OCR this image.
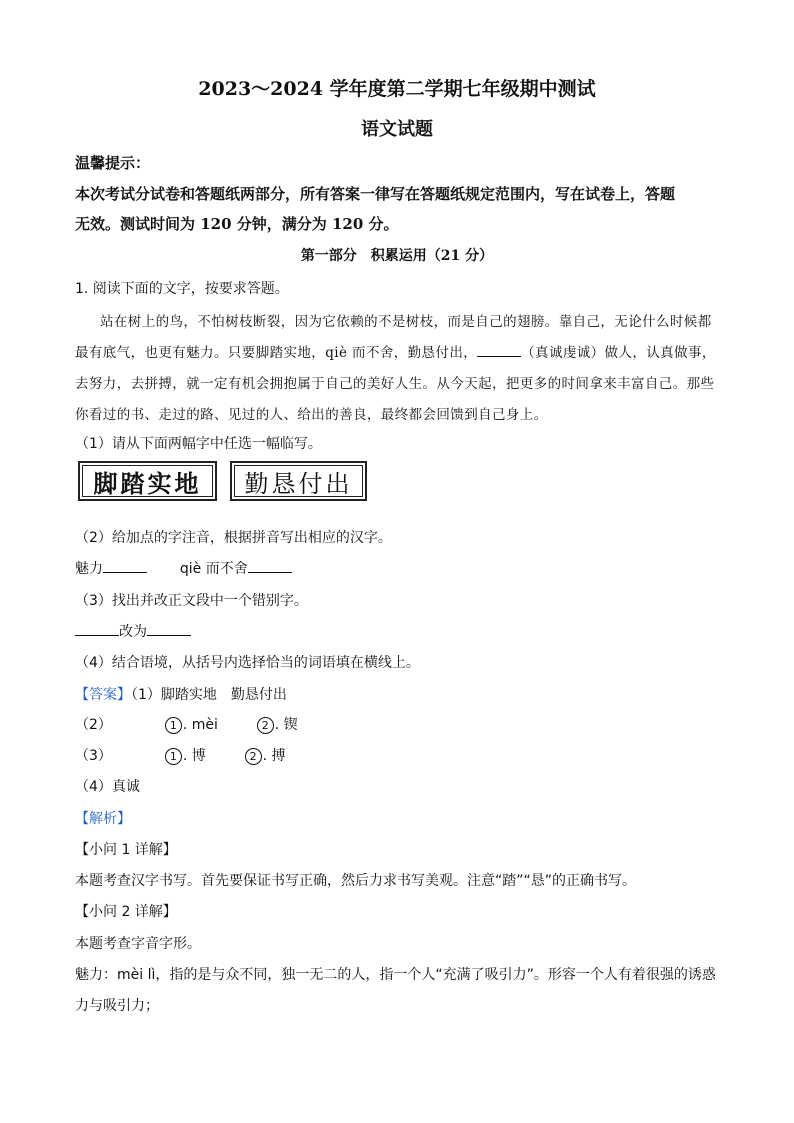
2023～2024 学年度第二学期七年级期中测试
语文试题
温馨提示：
本次考试分试卷和答题纸两部分，所有答案一律写在答题纸规定范围内，写在试卷上，答题
无效。测试时间为 120 分钟，满分为 120 分。
第一部分　积累运用（21 分）
1. 阅读下面的文字，按要求答题。
站在树上的鸟，不怕树枝断裂，因为它依赖的不是树枝，而是自己的翅膀。靠自己，无论什么时候都
最有底气，也更有魅力。只要脚踏实地，qiè 而不舍，勤恳付出，	（真诚虔诚）做人，认真做事，
去努力，去拼搏，就一定有机会拥抱属于自己的美好人生。从今天起，把更多的时间拿来丰富自己。那些
你看过的书、走过的路、见过的人、给出的善良，最终都会回馈到自己身上。
（1）请从下面两幅字中任选一幅临写。
脚踏实地	勤恳付出
（2）给加点的字注音，根据拼音写出相应的汉字。
魅力	qiè 而不舍
（3）找出并改正文段中一个错别字。
改为
（4）结合语境，从括号内选择恰当的词语填在横线上。
【答案】（1）脚踏实地　勤恳付出
（2）	1 . mèi	2 . 锲
（3）	1 . 博	2 . 搏
（4）真诚
【解析】
【小问 1 详解】
本题考查汉字书写。首先要保证书写正确，然后力求书写美观。注意“踏”“恳”的正确书写。
【小问 2 详解】
本题考查字音字形。
魅力：mèi lì，指的是与众不同，独一无二的人，指一个人“充满了吸引力”。形容一个人有着很强的诱惑
力与吸引力；
